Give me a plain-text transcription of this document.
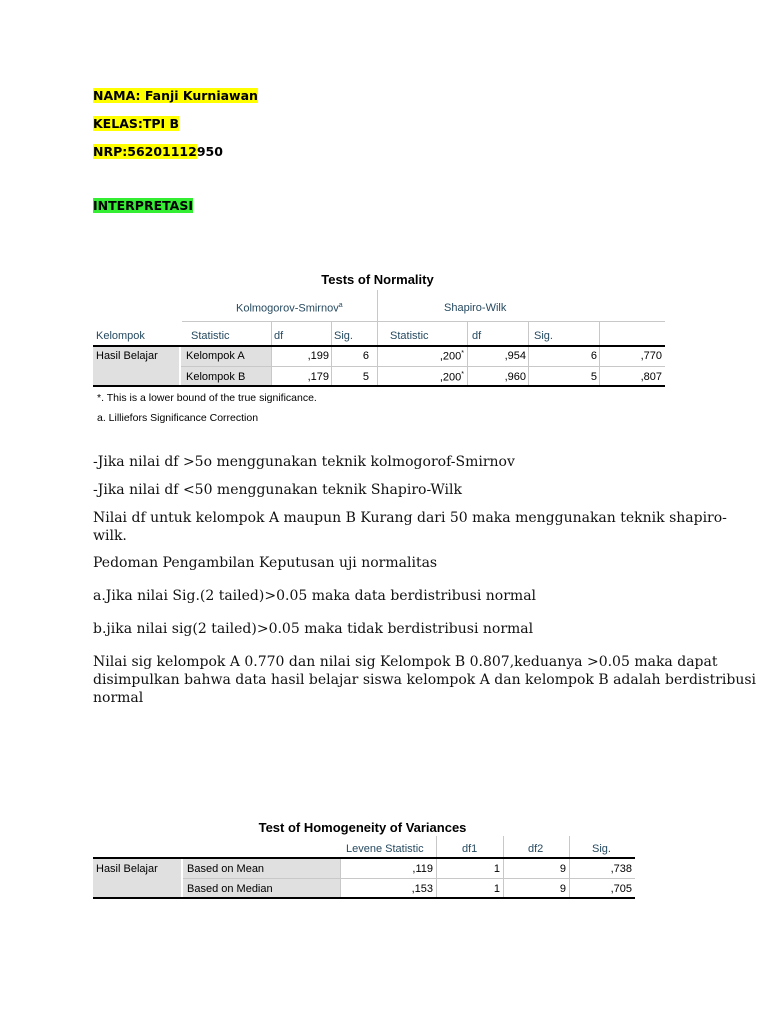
NAMA: Fanji Kurniawan
KELAS:TPI B
NRP:56201112950
INTERPRETASI
Tests of Normality
Kolmogorov-Smirnov$^a$	Shapiro-Wilk
Kelompok	Statistic	df	Sig.	Statistic	df	Sig.
Hasil Belajar	Kelompok A	,199	6	,200*	,954	6	,770
Kelompok B	,179	5	,200*	,960	5	,807
*. This is a lower bound of the true significance.
a. Lilliefors Significance Correction
-Jika nilai df >5o menggunakan teknik kolmogorof-Smirnov
-Jika nilai df <50 menggunakan teknik Shapiro-Wilk
Nilai df untuk kelompok A maupun B Kurang dari 50 maka menggunakan teknik shapiro-
wilk.
Pedoman Pengambilan Keputusan uji normalitas
a.Jika nilai Sig.(2 tailed)>0.05 maka data berdistribusi normal
b.jika nilai sig(2 tailed)>0.05 maka tidak berdistribusi normal
Nilai sig kelompok A 0.770 dan nilai sig Kelompok B 0.807,keduanya >0.05 maka dapat
disimpulkan bahwa data hasil belajar siswa kelompok A dan kelompok B adalah berdistribusi
normal
Test of Homogeneity of Variances
Levene Statistic	df1	df2	Sig.
Hasil Belajar	Based on Mean	,119	1	9	,738
Based on Median	,153	1	9	,705
